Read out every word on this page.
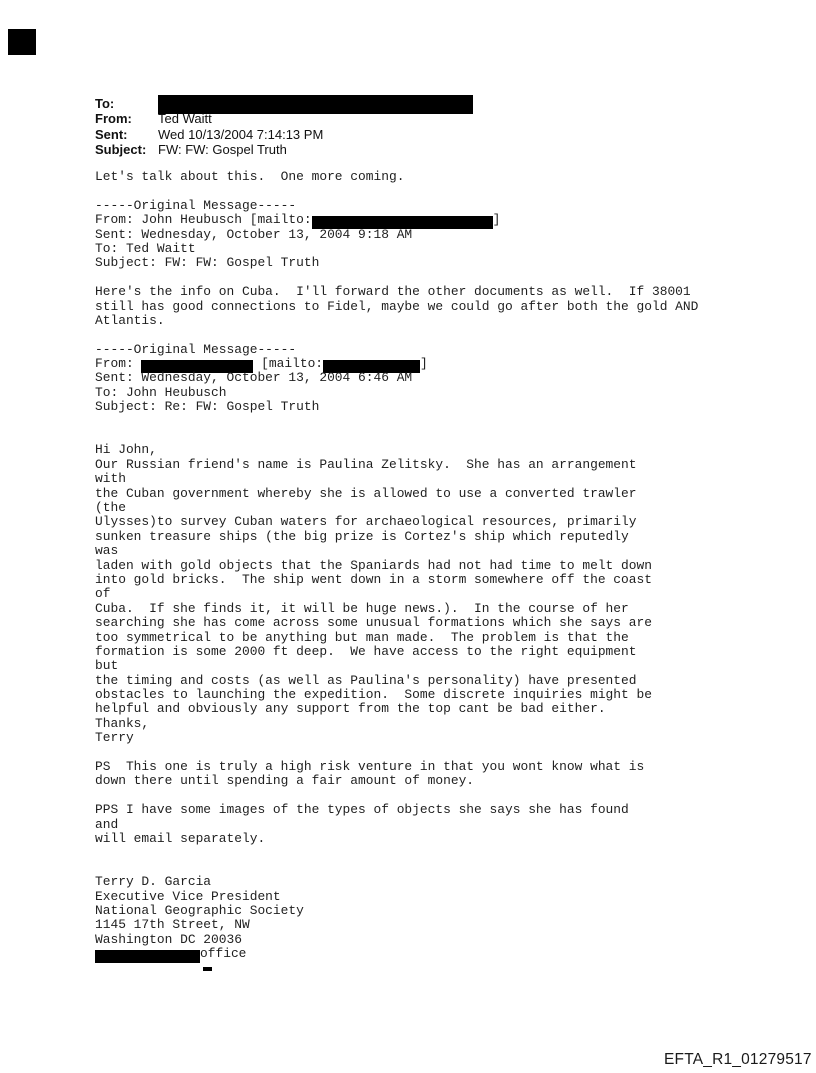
To:
From:	Ted Waitt
Sent:	Wed 10/13/2004 7:14:13 PM
Subject: FW: FW: Gospel Truth
Let's talk about this.  One more coming.
-----Original Message-----
From: John Heubusch [mailto:	]
Sent: Wednesday, October 13, 2004 9:18 AM
To: Ted Waitt
Subject: FW: FW: Gospel Truth
Here's the info on Cuba.  I'll forward the other documents as well.  If 38001
still has good connections to Fidel, maybe we could go after both the gold AND
Atlantis.
-----Original Message-----
From:	[mailto:	]
Sent: Wednesday, October 13, 2004 6:46 AM
To: John Heubusch
Subject: Re: FW: Gospel Truth
Hi John,
Our Russian friend's name is Paulina Zelitsky.  She has an arrangement
with
the Cuban government whereby she is allowed to use a converted trawler
(the
Ulysses)to survey Cuban waters for archaeological resources, primarily
sunken treasure ships (the big prize is Cortez's ship which reputedly
was
laden with gold objects that the Spaniards had not had time to melt down
into gold bricks.  The ship went down in a storm somewhere off the coast
of
Cuba.  If she finds it, it will be huge news.).  In the course of her
searching she has come across some unusual formations which she says are
too symmetrical to be anything but man made.  The problem is that the
formation is some 2000 ft deep.  We have access to the right equipment
but
the timing and costs (as well as Paulina's personality) have presented
obstacles to launching the expedition.  Some discrete inquiries might be
helpful and obviously any support from the top cant be bad either.
Thanks,
Terry
PS  This one is truly a high risk venture in that you wont know what is
down there until spending a fair amount of money.
PPS I have some images of the types of objects she says she has found
and
will email separately.
Terry D. Garcia
Executive Vice President
National Geographic Society
1145 17th Street, NW
Washington DC 20036
office

EFTA_R1_01279517
